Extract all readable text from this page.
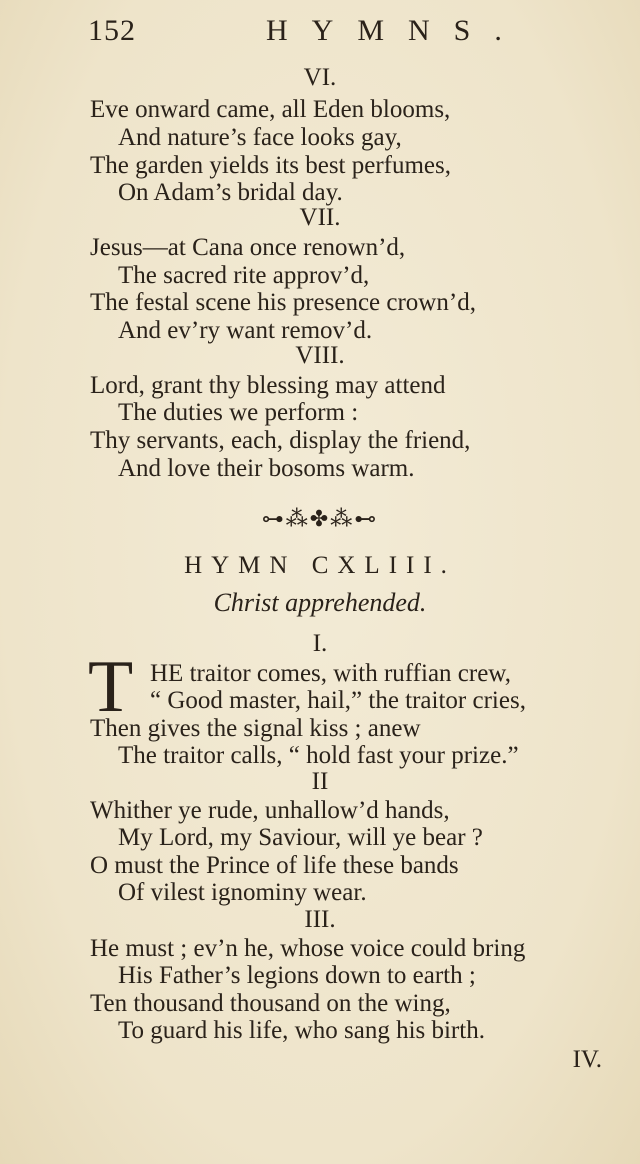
152	HYMNS.
VI.
Eve onward came, all Eden blooms,
And nature’s face looks gay,
The garden yields its best perfumes,
On Adam’s bridal day.
VII.
Jesus—at Cana once renown’d,
The sacred rite approv’d,
The festal scene his presence crown’d,
And ev’ry want remov’d.
VIII.
Lord, grant thy blessing may attend
The duties we perform :
Thy servants, each, display the friend,
And love their bosoms warm.
⊶⁂✤⁂⊷
HYMN CXLIII.
Christ apprehended.
I.
T HE traitor comes, with ruffian crew,
“ Good master, hail,” the traitor cries,
Then gives the signal kiss ; anew
The traitor calls, “ hold fast your prize.”
II
Whither ye rude, unhallow’d hands,
My Lord, my Saviour, will ye bear ?
O must the Prince of life these bands
Of vilest ignominy wear.
III.
He must ; ev’n he, whose voice could bring
His Father’s legions down to earth ;
Ten thousand thousand on the wing,
To guard his life, who sang his birth.
IV.
